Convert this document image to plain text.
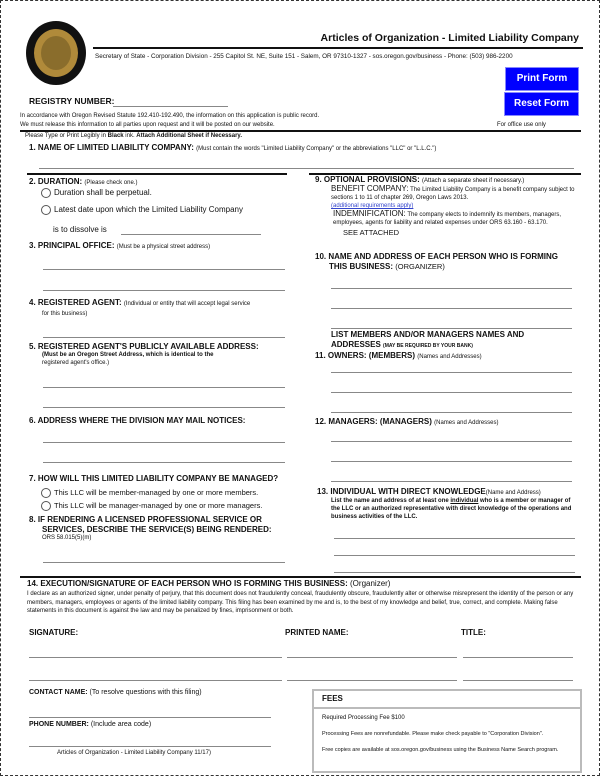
Articles of Organization - Limited Liability Company
Secretary of State - Corporation Division - 255 Capitol St. NE, Suite 151 - Salem, OR 97310-1327 - sos.oregon.gov/business - Phone: (503) 986-2200
Print Form
Reset Form
REGISTRY NUMBER:
In accordance with Oregon Revised Statute 192.410-192.490, the information on this application is public record.
We must release this information to all parties upon request and it will be posted on our website.	For office use only
Please Type or Print Legibly in Black ink. Attach Additional Sheet if Necessary.
1. NAME OF LIMITED LIABILITY COMPANY: (Must contain the words "Limited Liability Company" or the abbreviations "LLC" or "L.L.C.")
2. DURATION: (Please check one.)
Duration shall be perpetual.
Latest date upon which the Limited Liability Company
is to dissolve is
3. PRINCIPAL OFFICE: (Must be a physical street address)
4. REGISTERED AGENT: (Individual or entity that will accept legal service
for this business)
5. REGISTERED AGENT'S PUBLICLY AVAILABLE ADDRESS:
(Must be an Oregon Street Address, which is identical to the
registered agent's office.)
6. ADDRESS WHERE THE DIVISION MAY MAIL NOTICES:
7. HOW WILL THIS LIMITED LIABILITY COMPANY BE MANAGED?
This LLC will be member-managed by one or more members.
This LLC will be manager-managed by one or more managers.
8. IF RENDERING A LICENSED PROFESSIONAL SERVICE OR
SERVICES, DESCRIBE THE SERVICE(S) BEING RENDERED:
ORS 58.015(5)(m)
9. OPTIONAL PROVISIONS: (Attach a separate sheet if necessary.)
BENEFIT COMPANY: The Limited Liability Company is a benefit company subject to sections 1 to 11 of chapter 269, Oregon Laws 2013.
(additional requirements apply)
INDEMNIFICATION: The company elects to indemnify its members, managers, employees, agents for liability and related expenses under ORS 63.160 - 63.170.
SEE ATTACHED
10. NAME AND ADDRESS OF EACH PERSON WHO IS FORMING
THIS BUSINESS: (ORGANIZER)
LIST MEMBERS AND/OR MANAGERS NAMES AND
ADDRESSES (MAY BE REQUIRED BY YOUR BANK)
11. OWNERS: (MEMBERS) (Names and Addresses)
12. MANAGERS: (MANAGERS) (Names and Addresses)
13. INDIVIDUAL WITH DIRECT KNOWLEDGE(Name and Address)
List the name and address of at least one individual who is a member or manager of the LLC or an authorized representative with direct knowledge of the operations and business activities of the LLC.
14. EXECUTION/SIGNATURE OF EACH PERSON WHO IS FORMING THIS BUSINESS: (Organizer)
I declare as an authorized signer, under penalty of perjury, that this document does not fraudulently conceal, fraudulently obscure, fraudulently alter or otherwise misrepresent the identity of the person or any members, managers, employees or agents of the limited liability company. This filing has been examined by me and is, to the best of my knowledge and belief, true, correct, and complete. Making false statements in this document is against the law and may be penalized by fines, imprisonment or both.
SIGNATURE:	PRINTED NAME:	TITLE:
CONTACT NAME: (To resolve questions with this filing)
PHONE NUMBER: (Include area code)
Articles of Organization - Limited Liability Company 11/17)
FEES
Required Processing Fee $100
Processing Fees are nonrefundable. Please make check payable to "Corporation Division".
Free copies are available at sos.oregon.gov/business using the Business Name Search program.
